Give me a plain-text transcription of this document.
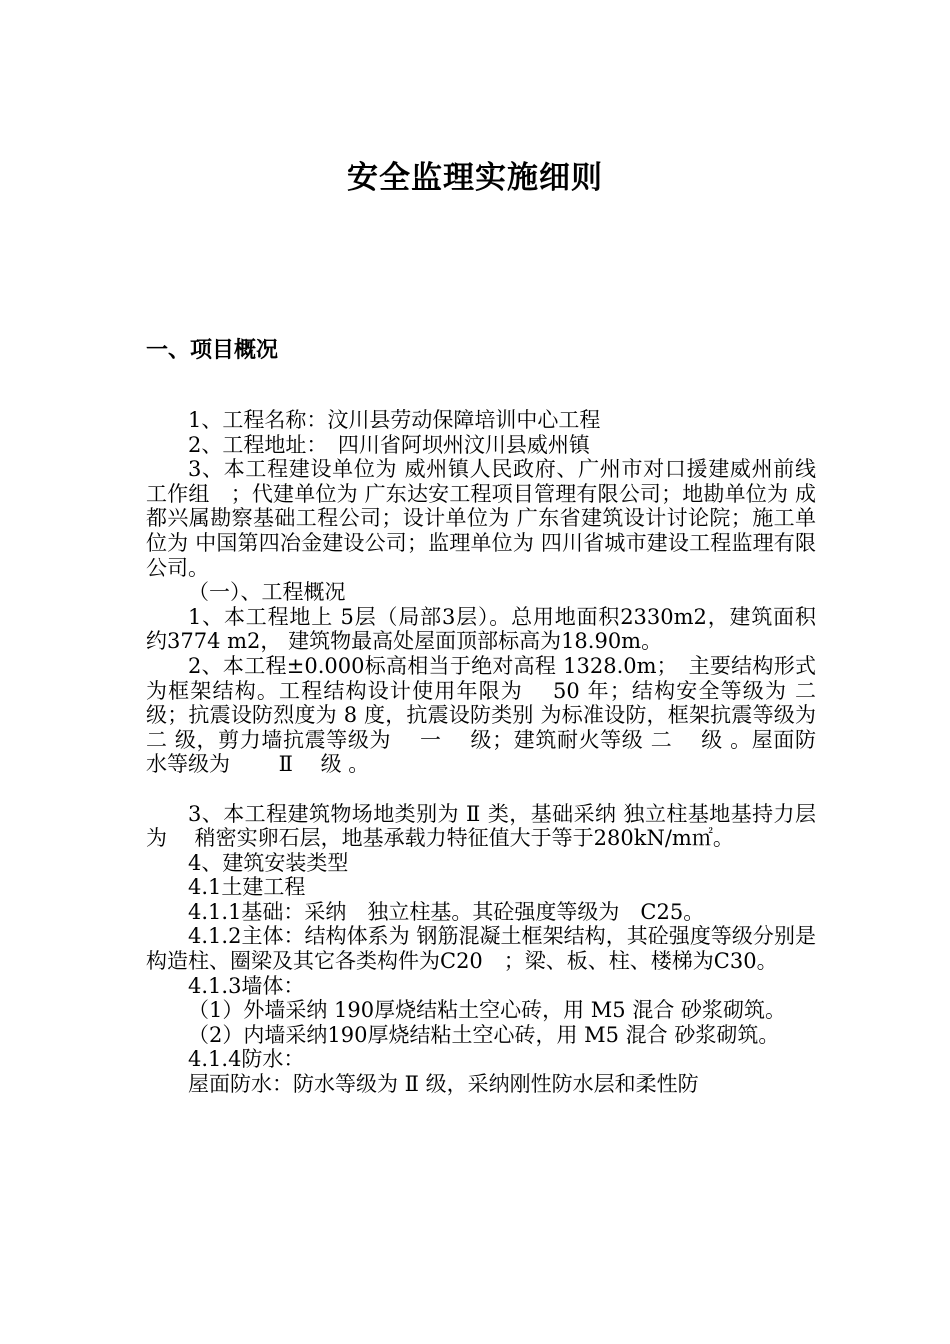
安全监理实施细则
一、项目概况

1、工程名称：汶川县劳动保障培训中心工程

2、工程地址：　四川省阿坝州汶川县威州镇

3、本工程建设单位为 威州镇人民政府、广州市对口援建威州前线工作组　；代建单位为 广东达安工程项目管理有限公司；地勘单位为 成都兴属勘察基础工程公司；设计单位为 广东省建筑设计讨论院；施工单位为 中国第四冶金建设公司；监理单位为 四川省城市建设工程监理有限公司。

（一）、工程概况

1、本工程地上 5层（局部3层）。总用地面积2330m2，建筑面积 约3774 m2， 建筑物最高处屋面顶部标高为18.90m。

2、本工程±0.000标高相当于绝对高程 1328.0m；　主要结构形式为框架结构。工程结构设计使用年限为　 50 年；结构安全等级为 二　 级；抗震设防烈度为 8 度，抗震设防类别 为标准设防，框架抗震等级为　 二 级，剪力墙抗震等级为　 一　 级；建筑耐火等级 二　 级 。屋面防水等级为　　 Ⅱ　 级 。

3、本工程建筑物场地类别为 Ⅱ 类，基础采纳 独立柱基地基持力层为　 稍密实卵石层，地基承载力特征值大于等于280kN/m㎡。

4、建筑安装类型

4.1土建工程

4.1.1基础：采纳　独立柱基。其砼强度等级为　C25。

4.1.2主体：结构体系为 钢筋混凝土框架结构，其砼强度等级分别是　构造柱、圈梁及其它各类构件为C20　；梁、板、柱、楼梯为C30。

4.1.3墙体：

（1）外墙采纳 190厚烧结粘土空心砖，用 M5 混合 砂浆砌筑。

（2）内墙采纳190厚烧结粘土空心砖，用 M5 混合 砂浆砌筑。

4.1.4防水：

屋面防水：防水等级为 Ⅱ 级，采纳刚性防水层和柔性防
